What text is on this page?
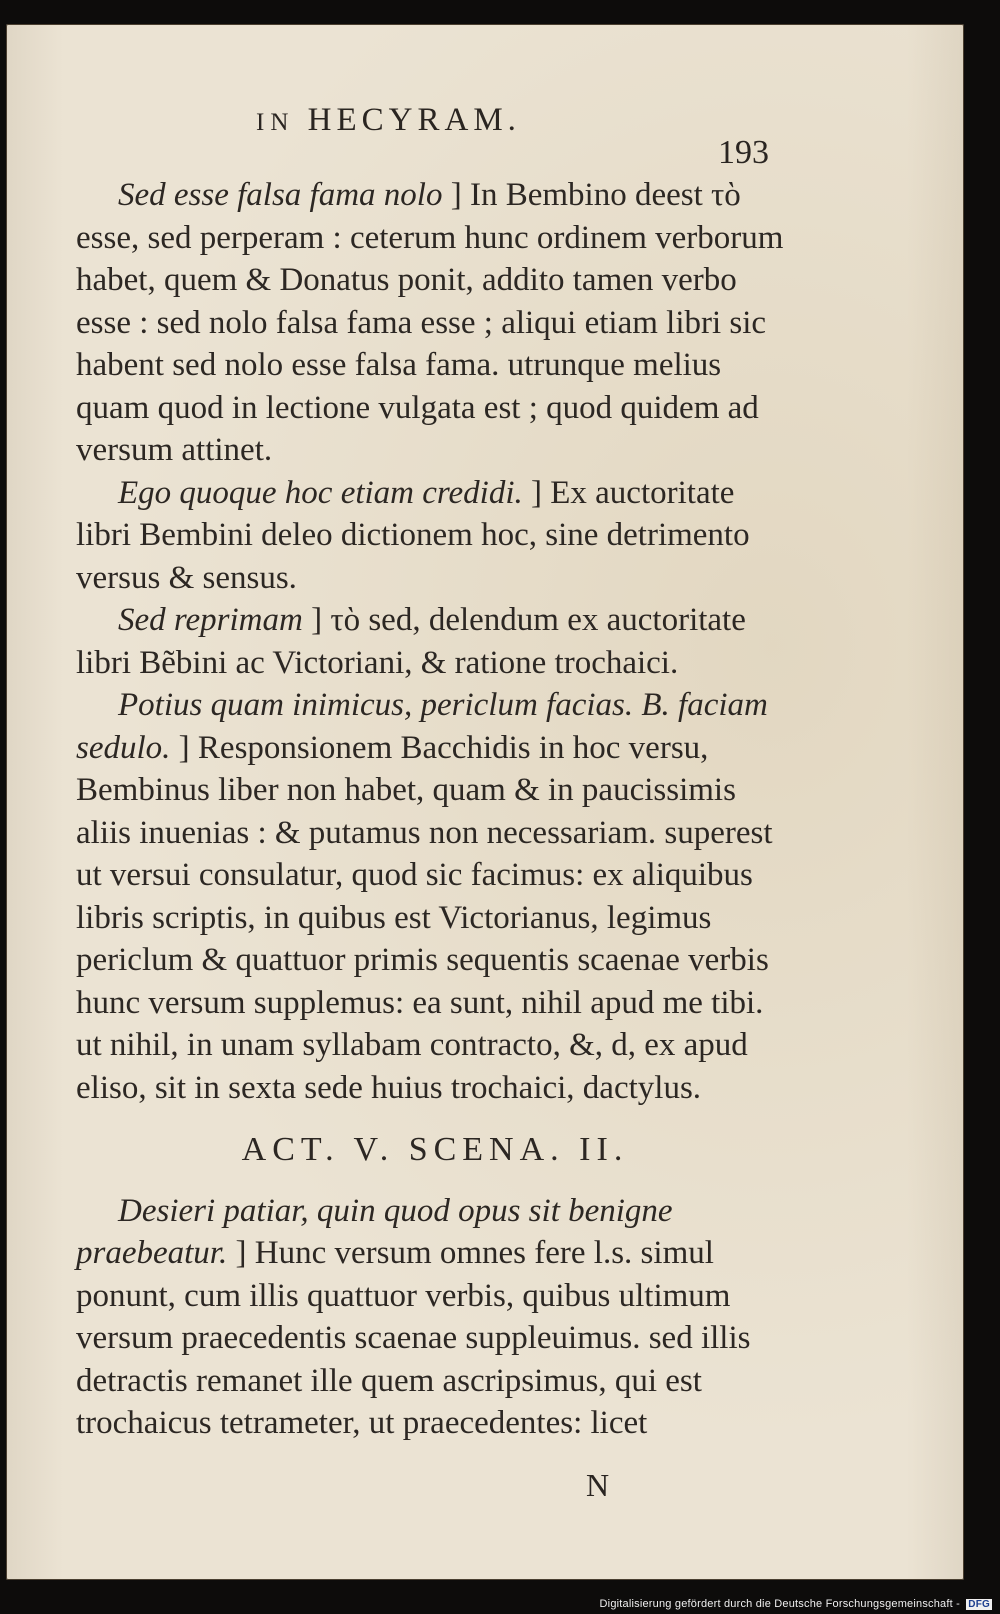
IN HECYRAM.
193

Sed esse falsa fama nolo ] In Bembino deest τὸ esse, sed perperam : ceterum hunc ordinem verborum habet, quem & Donatus ponit, addito tamen verbo esse : sed nolo falsa fama esse ; aliqui etiam libri sic habent sed nolo esse falsa fama. utrunque melius quam quod in lectione vulgata est ; quod quidem ad versum attinet.

Ego quoque hoc etiam credidi. ] Ex auctoritate libri Bembini deleo dictionem hoc, sine detrimento versus & sensus.

Sed reprimam ] τὸ sed, delendum ex auctoritate libri Bẽbini ac Victoriani, & ratione trochaici.

Potius quam inimicus, periclum facias. B. faciam sedulo. ] Responsionem Bacchidis in hoc versu, Bembinus liber non habet, quam & in paucissimis aliis inuenias : & putamus non necessariam. superest ut versui consulatur, quod sic facimus: ex aliquibus libris scriptis, in quibus est Victorianus, legimus periclum & quattuor primis sequentis scaenae verbis hunc versum supplemus: ea sunt, nihil apud me tibi. ut nihil, in unam syllabam contracto, &, d, ex apud eliso, sit in sexta sede huius trochaici, dactylus.

ACT. V. SCENA. II.

Desieri patiar, quin quod opus sit benigne praebeatur. ] Hunc versum omnes fere l.s. simul ponunt, cum illis quattuor verbis, quibus ultimum versum praecedentis scaenae suppleuimus. sed illis detractis remanet ille quem ascripsimus, qui est trochaicus tetrameter, ut praecedentes: licet

N
Digitalisierung gefördert durch die Deutsche Forschungsgemeinschaft - DFG
